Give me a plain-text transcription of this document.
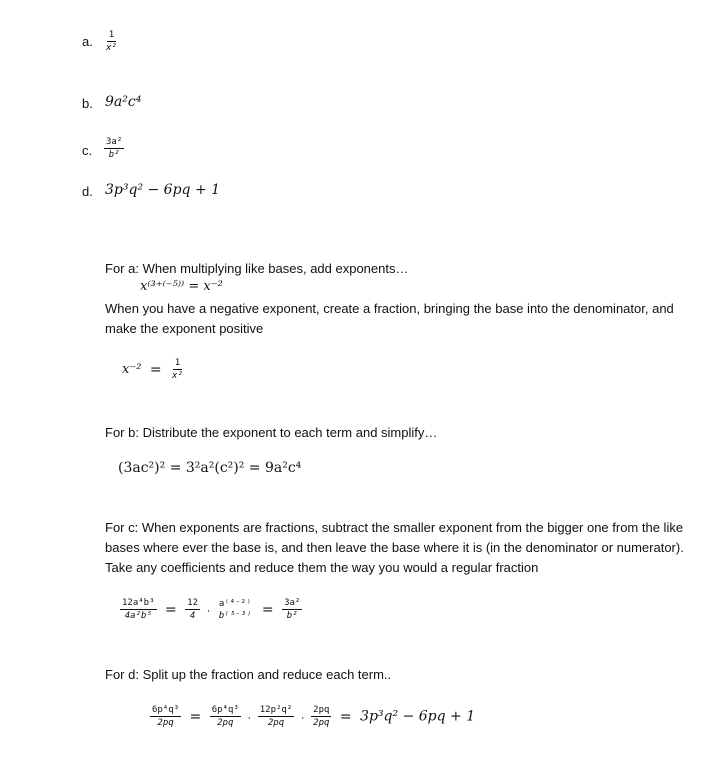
a. $\frac{1}{\text{x²}}$
b. 9a²c⁴
c. $\frac{\text{3a²}}{\text{b²}}$
d. 3p³q² − 6pq + 1
For a: When multiplying like bases, add exponents…
x⁽³⁺⁽⁻⁵⁾⁾ = x⁻²
When you have a negative exponent, create a fraction, bringing the base into the denominator, and make the exponent positive
$x^{-2} = \frac{1}{\text{x²}}$
For b: Distribute the exponent to each term and simplify…
(3ac²)² = 3²a²(c²)² = 9a²c⁴
For c: When exponents are fractions, subtract the smaller exponent from the bigger one from the like bases where ever the base is, and then leave the base where it is (in the denominator or numerator). Take any coefficients and reduce them the way you would a regular fraction
$\frac{\text{12a⁴b³}}{\text{4a²b⁵}} = \frac{12}{4} \cdot a^{(4-2)}$
$b^{(5-3)} = \frac{\text{3a²}}{\text{b²}}$
For d: Split up the fraction and reduce each term..
$\frac{\text{6p⁴q³}}{2pq} = \frac{\text{6p⁴q³}}{2pq} \cdot \frac{\text{12p²q²}}{2pq} \cdot \frac{2pq}{2pq} = 3p^3q^2 - 6pq + 1$
